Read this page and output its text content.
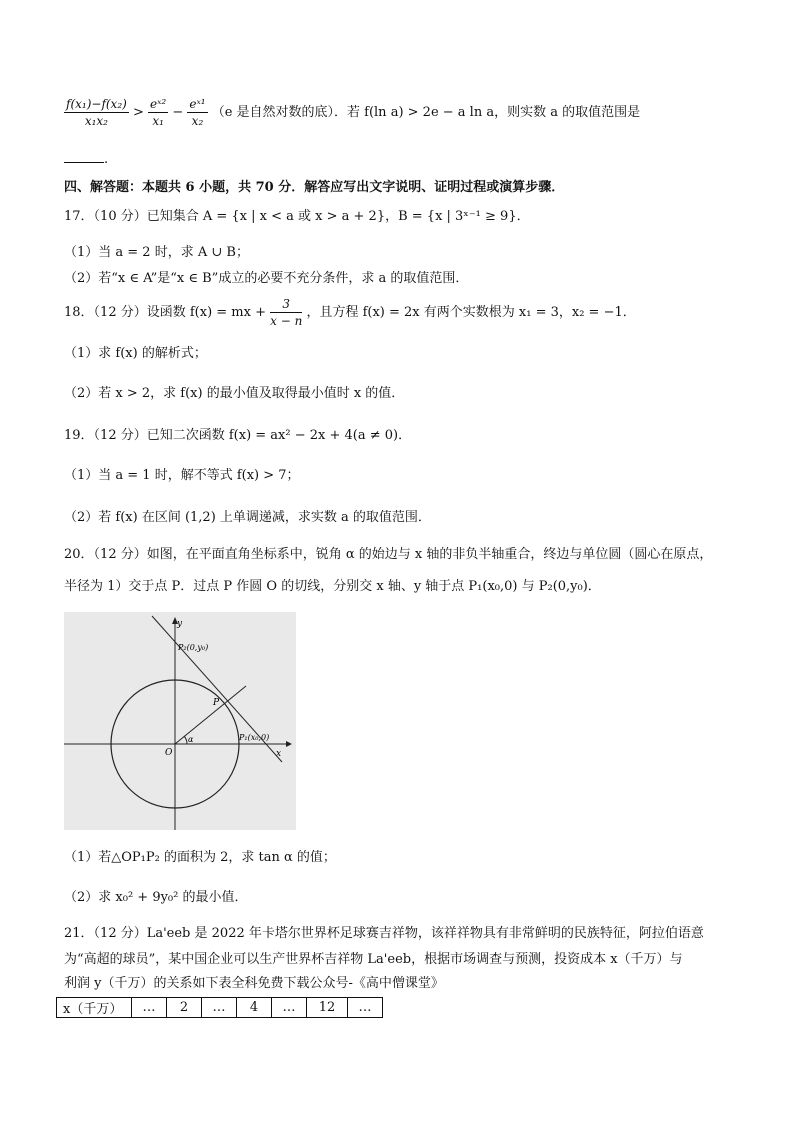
$\frac{\text{f(x₁)−f(x₂)}}{\text{x₁x₂}} > \frac{\text{eˣ²}}{\text{x₁}} - \frac{\text{eˣ¹}}{\text{x₂}} (e$ 是自然对数的底）．若 f(ln a) > 2e − a ln a，则实数 a 的取值范围是
.
四、解答题：本题共 6 小题，共 70 分．解答应写出文字说明、证明过程或演算步骤．
17．（10 分）已知集合 A = {x | x < a 或 x > a + 2}，B = {x | 3ˣ⁻¹ ≥ 9}．
（1）当 a = 2 时，求 A ∪ B；
（2）若“x ∈ A”是“x ∈ B”成立的必要不充分条件，求 a 的取值范围．
18．（12 分）设函数 f(x) = mx + $\frac{3}{x - n}$ ，且方程 f(x) = 2x 有两个实数根为 x₁ = 3，x₂ = −1．
（1）求 f(x) 的解析式；
（2）若 x > 2，求 f(x) 的最小值及取得最小值时 x 的值．
19．（12 分）已知二次函数 f(x) = ax² − 2x + 4(a ≠ 0)．
（1）当 a = 1 时，解不等式 f(x) > 7；
（2）若 f(x) 在区间 (1,2) 上单调递减，求实数 a 的取值范围．
20．（12 分）如图，在平面直角坐标系中，锐角 α 的始边与 x 轴的非负半轴重合，终边与单位圆（圆心在原点，
半径为 1）交于点 P．过点 P 作圆 O 的切线，分别交 x 轴、y 轴于点 P₁(x₀,0) 与 P₂(0,y₀)．
y
x
O
P
α	P₁(x₀,0)
P₂(0,y₀)
（1）若△OP₁P₂ 的面积为 2，求 tan α 的值；
（2）求 x₀² + 9y₀² 的最小值．
21．（12 分）La'eeb 是 2022 年卡塔尔世界杯足球赛吉祥物，该祥祥物具有非常鲜明的民族特征，阿拉伯语意
为“高超的球员”，某中国企业可以生产世界杯吉祥物 La'eeb，根据市场调查与预测，投资成本 x（千万）与
利润 y（千万）的关系如下表全科免费下载公众号-《高中僧课堂》
x（千万）	…	2	…	4	…	12	…
